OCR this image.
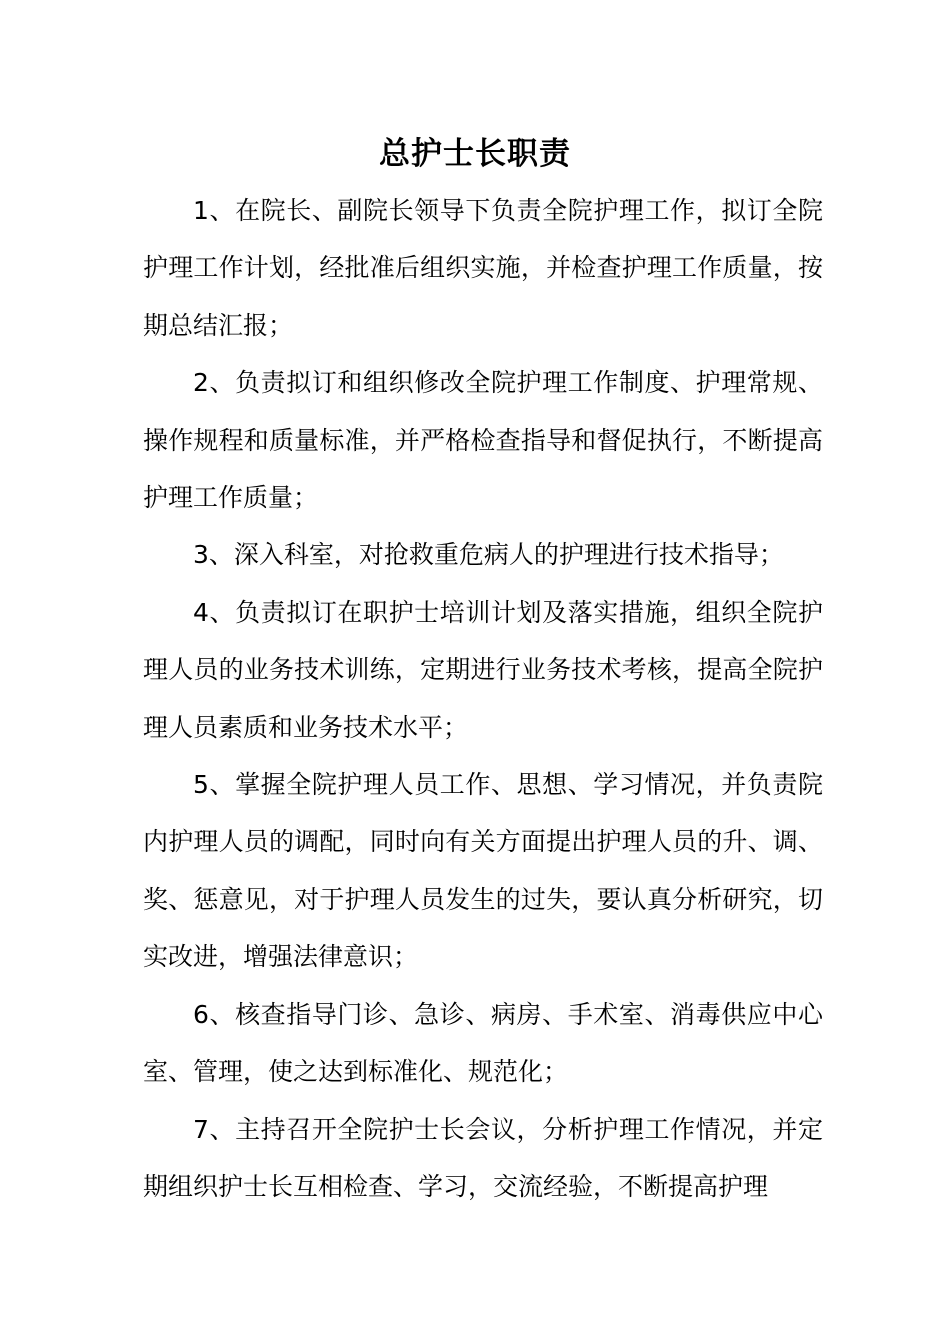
总护士长职责

1、在院长、副院长领导下负责全院护理工作，拟订全院护理工作计划，经批准后组织实施，并检查护理工作质量，按期总结汇报；

2、负责拟订和组织修改全院护理工作制度、护理常规、操作规程和质量标准，并严格检查指导和督促执行，不断提高护理工作质量；

3、深入科室，对抢救重危病人的护理进行技术指导；

4、负责拟订在职护士培训计划及落实措施，组织全院护理人员的业务技术训练，定期进行业务技术考核，提高全院护理人员素质和业务技术水平；

5、掌握全院护理人员工作、思想、学习情况，并负责院内护理人员的调配，同时向有关方面提出护理人员的升、调、奖、惩意见，对于护理人员发生的过失，要认真分析研究，切实改进，增强法律意识；

6、核查指导门诊、急诊、病房、手术室、消毒供应中心室、管理，使之达到标准化、规范化；

7、主持召开全院护士长会议，分析护理工作情况，并定期组织护士长互相检查、学习，交流经验，不断提高护理
